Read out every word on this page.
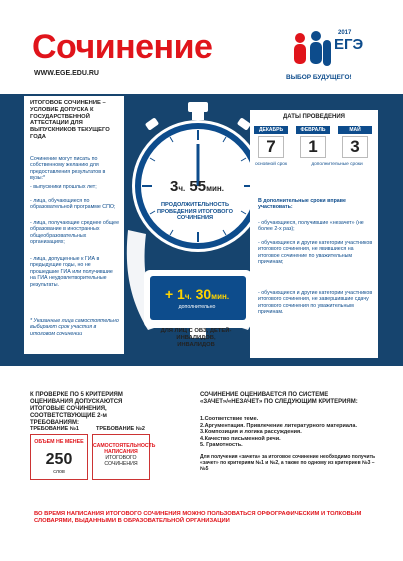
Сочинение
WWW.EGE.EDU.RU
2017
ЕГЭ
ВЫБОР БУДУЩЕГО!
3ч. 55мин.
ПРОДОЛЖИТЕЛЬНОСТЬ ПРОВЕДЕНИЯ ИТОГОВОГО СОЧИНЕНИЯ
+ 1ч. 30мин.
дополнительно
ДЛЯ ЛИЦ С ОВЗ, ДЕТЕЙ-ИНВАЛИДОВ, ИНВАЛИДОВ
ИТОГОВОЕ СОЧИНЕНИЕ – УСЛОВИЕ ДОПУСКА К ГОСУДАРСТВЕННОЙ АТТЕСТАЦИИ ДЛЯ ВЫПУСКНИКОВ ТЕКУЩЕГО ГОДА
Сочинение могут писать по собственному желанию для предоставления результатов в вузы:*
- выпускники прошлых лет;
- лица, обучающиеся по образовательной программе СПО;
- лица, получающие среднее общее образование в иностранных общеобразовательных организациях;
- лица, допущенные к ГИА в предыдущие годы, но не прошедшие ГИА или получившие на ГИА неудовлетворительные результаты.
* Указанные лица самостоятельно выбирают срок участия в итоговом сочинении
ДАТЫ ПРОВЕДЕНИЯ
ДЕКАБРЬ	ФЕВРАЛЬ	МАЙ
7	1	3
основной срок	дополнительные сроки
В дополнительные сроки вправе участвовать:
- обучающиеся, получившие «незачет» (не более 2-х раз);
- обучающиеся и другие категории участников итогового сочинения, не явившиеся на итоговое сочинение по уважительным причинам;
- обучающиеся и другие категории участников итогового сочинения, не завершившие сдачу итогового сочинения по уважительным причинам.
К ПРОВЕРКЕ ПО 5 КРИТЕРИЯМ ОЦЕНИВАНИЯ ДОПУСКАЮТСЯ ИТОГОВЫЕ СОЧИНЕНИЯ, СООТВЕТСТВУЮЩИЕ 2-м ТРЕБОВАНИЯМ:
ТРЕБОВАНИЕ №1	ТРЕБОВАНИЕ №2
ОБЪЕМ НЕ МЕНЕЕ
250
слов
САМОСТОЯТЕЛЬНОСТЬ НАПИСАНИЯ
ИТОГОВОГО СОЧИНЕНИЯ
СОЧИНЕНИЕ ОЦЕНИВАЕТСЯ ПО СИСТЕМЕ «ЗАЧЕТ»/«НЕЗАЧЕТ» ПО СЛЕДУЮЩИМ КРИТЕРИЯМ:
1.Соответствие теме.
2.Аргументация. Привлечение литературного материала.
3.Композиция и логика рассуждения.
4.Качество письменной речи.
5. Грамотность.
Для получения «зачета» за итоговое сочинение необходимо получить «зачет» по критериям №1 и №2, а также по одному из критериев №3 – №5
ВО ВРЕМЯ НАПИСАНИЯ ИТОГОВОГО СОЧИНЕНИЯ МОЖНО ПОЛЬЗОВАТЬСЯ ОРФОГРАФИЧЕСКИМ И ТОЛКОВЫМ СЛОВАРЯМИ, ВЫДАННЫМИ В ОБРАЗОВАТЕЛЬНОЙ ОРГАНИЗАЦИИ
